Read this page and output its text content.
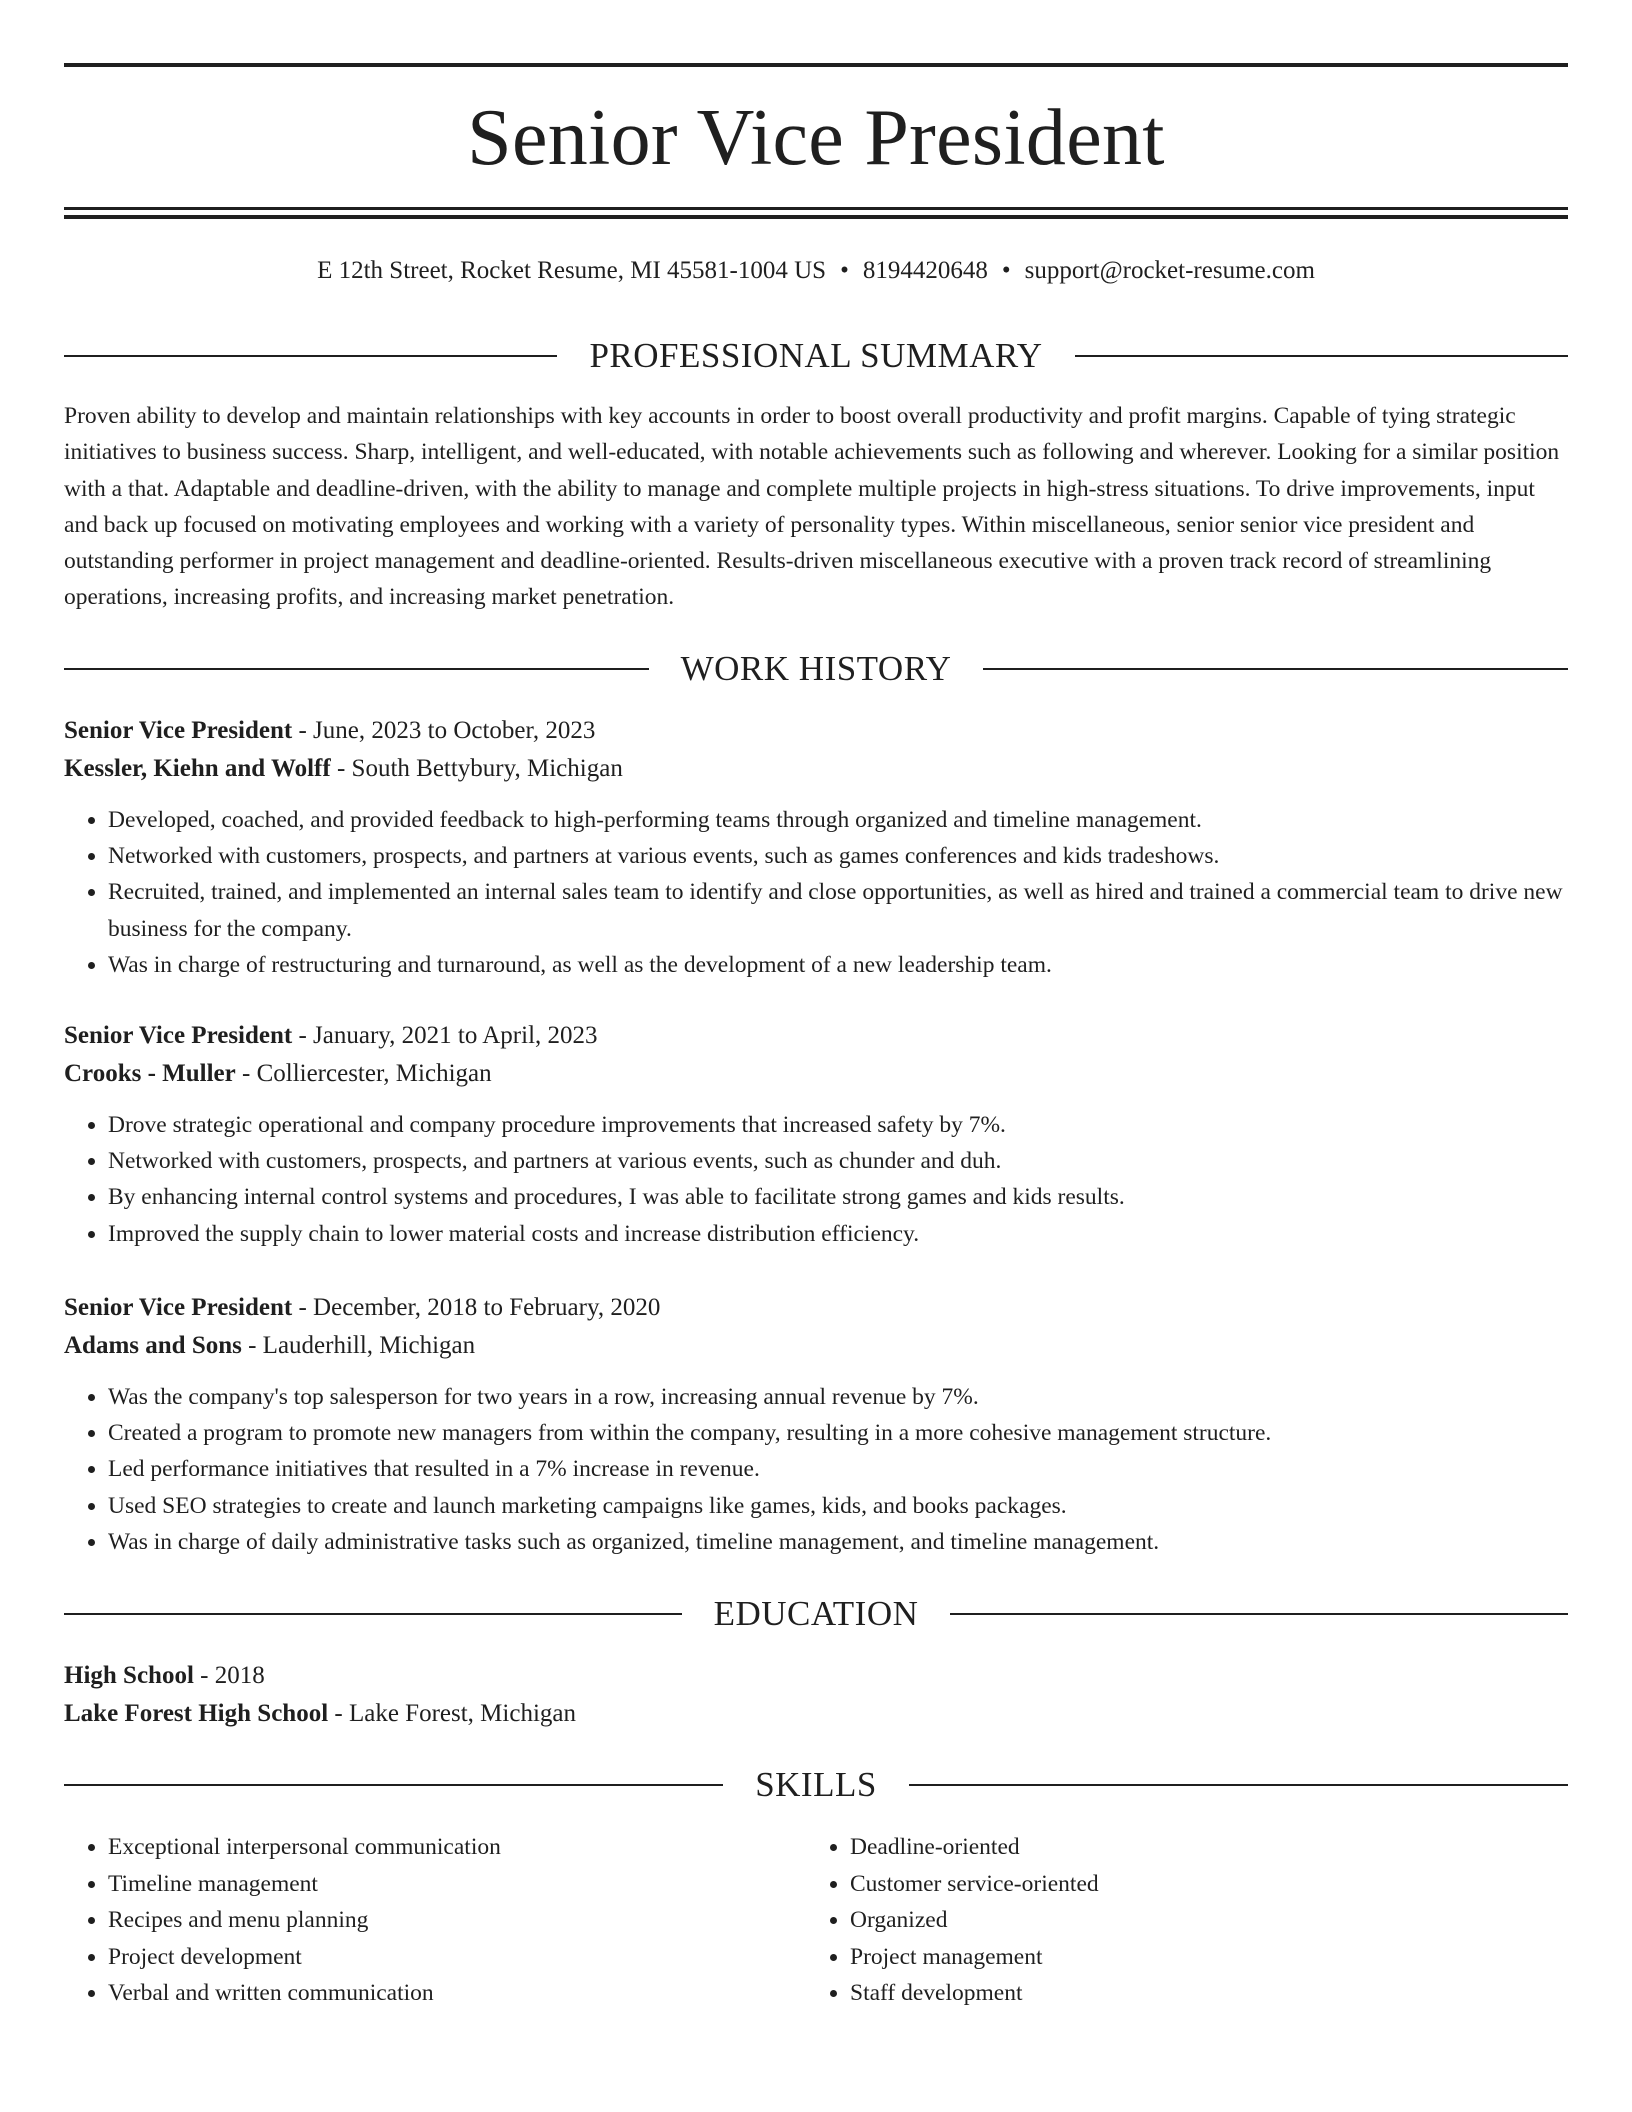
Senior Vice President
E 12th Street, Rocket Resume, MI 45581-1004 US • 8194420648 • support@rocket-resume.com
PROFESSIONAL SUMMARY

Proven ability to develop and maintain relationships with key accounts in order to boost overall productivity and profit margins. Capable of tying strategic initiatives to business success. Sharp, intelligent, and well-educated, with notable achievements such as following and wherever. Looking for a similar position with a that. Adaptable and deadline-driven, with the ability to manage and complete multiple projects in high-stress situations. To drive improvements, input and back up focused on motivating employees and working with a variety of personality types. Within miscellaneous, senior senior vice president and outstanding performer in project management and deadline-oriented. Results-driven miscellaneous executive with a proven track record of streamlining operations, increasing profits, and increasing market penetration.

WORK HISTORY
Senior Vice President - June, 2023 to October, 2023
Kessler, Kiehn and Wolff - South Bettybury, Michigan
• Developed, coached, and provided feedback to high-performing teams through organized and timeline management.
• Networked with customers, prospects, and partners at various events, such as games conferences and kids tradeshows.
• Recruited, trained, and implemented an internal sales team to identify and close opportunities, as well as hired and trained a commercial team to drive new business for the company.
• Was in charge of restructuring and turnaround, as well as the development of a new leadership team.
Senior Vice President - January, 2021 to April, 2023
Crooks - Muller - Colliercester, Michigan
• Drove strategic operational and company procedure improvements that increased safety by 7%.
• Networked with customers, prospects, and partners at various events, such as chunder and duh.
• By enhancing internal control systems and procedures, I was able to facilitate strong games and kids results.
• Improved the supply chain to lower material costs and increase distribution efficiency.
Senior Vice President - December, 2018 to February, 2020
Adams and Sons - Lauderhill, Michigan
• Was the company's top salesperson for two years in a row, increasing annual revenue by 7%.
• Created a program to promote new managers from within the company, resulting in a more cohesive management structure.
• Led performance initiatives that resulted in a 7% increase in revenue.
• Used SEO strategies to create and launch marketing campaigns like games, kids, and books packages.
• Was in charge of daily administrative tasks such as organized, timeline management, and timeline management.
EDUCATION
High School - 2018
Lake Forest High School - Lake Forest, Michigan
SKILLS
• Exceptional interpersonal communication
• Timeline management
• Recipes and menu planning
• Project development
• Verbal and written communication
• Deadline-oriented
• Customer service-oriented
• Organized
• Project management
• Staff development
